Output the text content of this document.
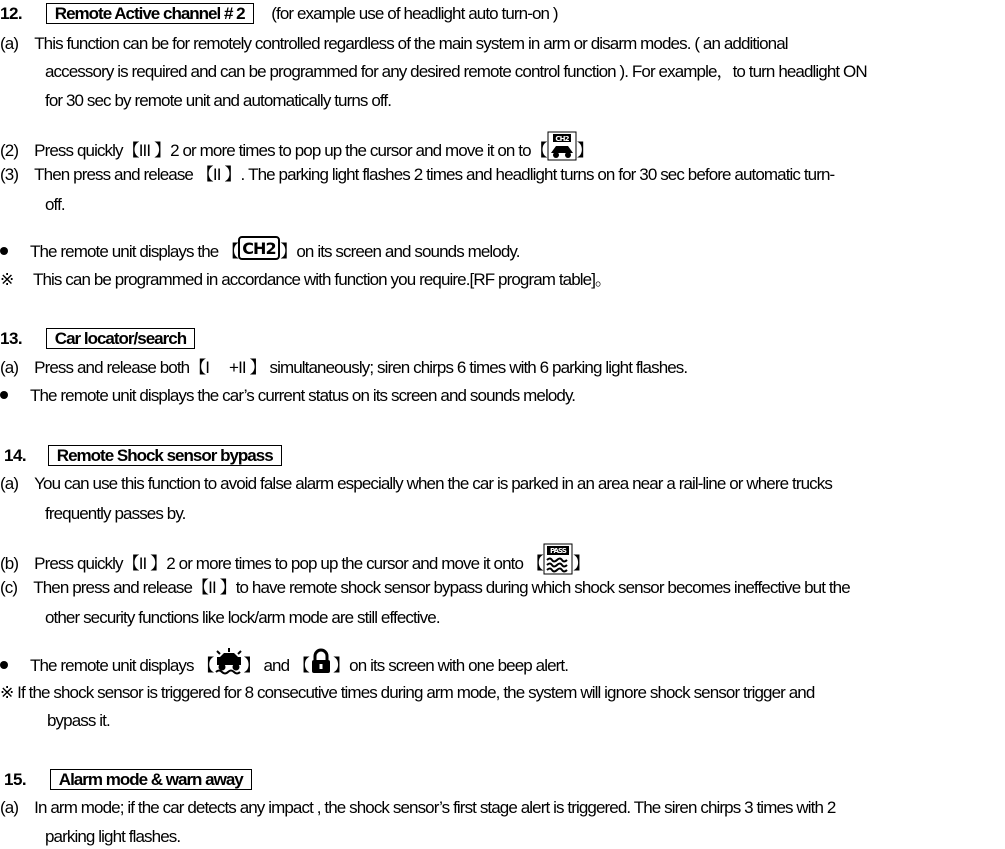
12. Remote Active channel # 2 (for example use of headlight auto turn-on )
(a)　This function can be for remotely controlled regardless of the main system in arm or disarm modes. ( an additional
accessory is required and can be programmed for any desired remote control function ). For example，to turn headlight ON
for 30 sec by remote unit and automatically turns off.
(2)　Press quickly【III 】2 or more times to pop up the cursor and move it on to【
CH2
】
(3)　Then press and release 【II 】. The parking light flashes 2 times and headlight turns on for 30 sec before automatic turn-
off.
The remote unit displays the 【 CH2 】on its screen and sounds melody.
※　 This can be programmed in accordance with function you require.[RF program table]。
13. Car locator/search
(a)　Press and release both【I 　+II 】 simultaneously; siren chirps 6 times with 6 parking light flashes.
The remote unit displays the car’s current status on its screen and sounds melody.
14. Remote Shock sensor bypass
(a)　You can use this function to avoid false alarm especially when the car is parked in an area near a rail-line or where trucks
frequently passes by.
(b)　Press quickly【II 】2 or more times to pop up the cursor and move it onto 【
PASS
】
(c)　Then press and release【II 】to have remote shock sensor bypass during which shock sensor becomes ineffective but the
other security functions like lock/arm mode are still effective.
The remote unit displays 【 】 and 【 】on its screen with one beep alert.
※ If the shock sensor is triggered for 8 consecutive times during arm mode, the system will ignore shock sensor trigger and
bypass it.
15. Alarm mode & warn away
(a)　In arm mode; if the car detects any impact , the shock sensor’s first stage alert is triggered. The siren chirps 3 times with 2
parking light flashes.
